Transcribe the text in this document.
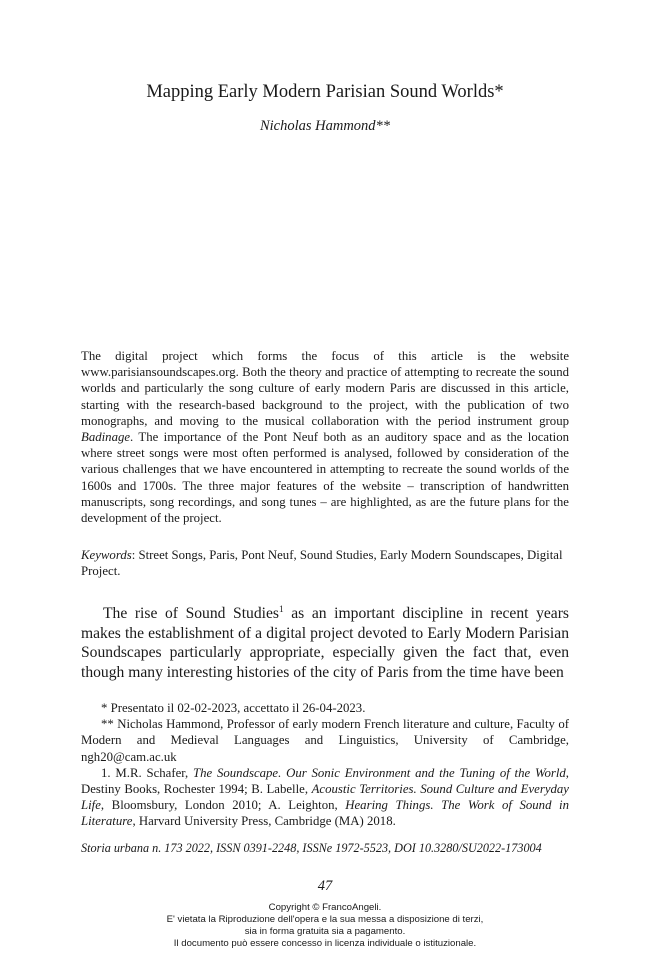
Mapping Early Modern Parisian Sound Worlds*
Nicholas Hammond**

The digital project which forms the focus of this article is the website www.parisiansoundscapes.org. Both the theory and practice of attempting to recreate the sound worlds and particularly the song culture of early modern Paris are discussed in this article, starting with the research-based background to the project, with the publication of two monographs, and moving to the musical collaboration with the period instrument group Badinage. The importance of the Pont Neuf both as an auditory space and as the location where street songs were most often performed is analysed, followed by consideration of the various challenges that we have encountered in attempting to recreate the sound worlds of the 1600s and 1700s. The three major features of the website – transcription of handwritten manuscripts, song recordings, and song tunes – are highlighted, as are the future plans for the development of the project.

Keywords: Street Songs, Paris, Pont Neuf, Sound Studies, Early Modern Soundscapes, Digital Project.

The rise of Sound Studies$^1$ as an important discipline in recent years makes the establishment of a digital project devoted to Early Modern Parisian Soundscapes particularly appropriate, especially given the fact that, even though many interesting histories of the city of Paris from the time have been

* Presentato il 02-02-2023, accettato il 26-04-2023.

** Nicholas Hammond, Professor of early modern French literature and culture, Faculty of Modern and Medieval Languages and Linguistics, University of Cambridge, ngh20@cam.ac.uk

1. M.R. Schafer, The Soundscape. Our Sonic Environment and the Tuning of the World, Destiny Books, Rochester 1994; B. Labelle, Acoustic Territories. Sound Culture and Everyday Life, Bloomsbury, London 2010; A. Leighton, Hearing Things. The Work of Sound in Literature, Harvard University Press, Cambridge (MA) 2018.

Storia urbana n. 173 2022, ISSN 0391-2248, ISSNe 1972-5523, DOI 10.3280/SU2022-173004
47
Copyright © FrancoAngeli.
E' vietata la Riproduzione dell'opera e la sua messa a disposizione di terzi,
sia in forma gratuita sia a pagamento.
Il documento può essere concesso in licenza individuale o istituzionale.
